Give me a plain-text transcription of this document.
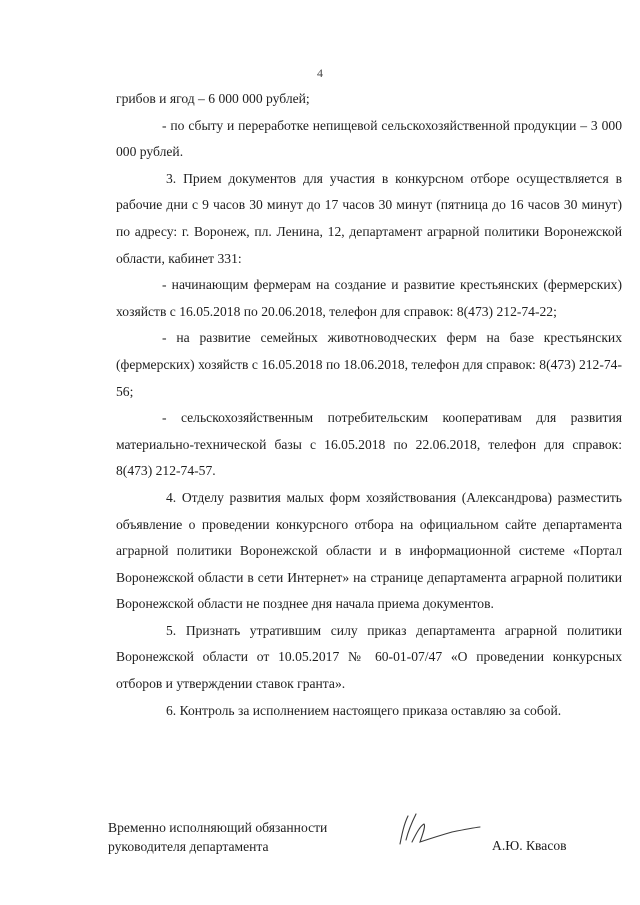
4

грибов и ягод – 6 000 000 рублей;

- по сбыту и переработке непищевой сельскохозяйственной продукции – 3 000 000 рублей.

3. Прием документов для участия в конкурсном отборе осуществляется в рабочие дни с 9 часов 30 минут до 17 часов 30 минут (пятница до 16 часов 30 минут) по адресу: г. Воронеж, пл. Ленина, 12, департамент аграрной политики Воронежской области, кабинет 331:

- начинающим фермерам на создание и развитие крестьянских (фермерских) хозяйств с 16.05.2018 по 20.06.2018, телефон для справок: 8(473) 212-74-22;

- на развитие семейных животноводческих ферм на базе крестьянских (фермерских) хозяйств с 16.05.2018 по 18.06.2018, телефон для справок: 8(473) 212-74-56;

- сельскохозяйственным потребительским кооперативам для развития материально-технической базы с 16.05.2018 по 22.06.2018, телефон для справок: 8(473) 212-74-57.

4. Отделу развития малых форм хозяйствования (Александрова) разместить объявление о проведении конкурсного отбора на официальном сайте департамента аграрной политики Воронежской области и в информационной системе «Портал Воронежской области в сети Интернет» на странице департамента аграрной политики Воронежской области не позднее дня начала приема документов.

5. Признать утратившим силу приказ департамента аграрной политики Воронежской области от 10.05.2017 № 60-01-07/47 «О проведении конкурсных отборов и утверждении ставок гранта».

6. Контроль за исполнением настоящего приказа оставляю за собой.

Временно исполняющий обязанности
руководителя департамента	А.Ю. Квасов
